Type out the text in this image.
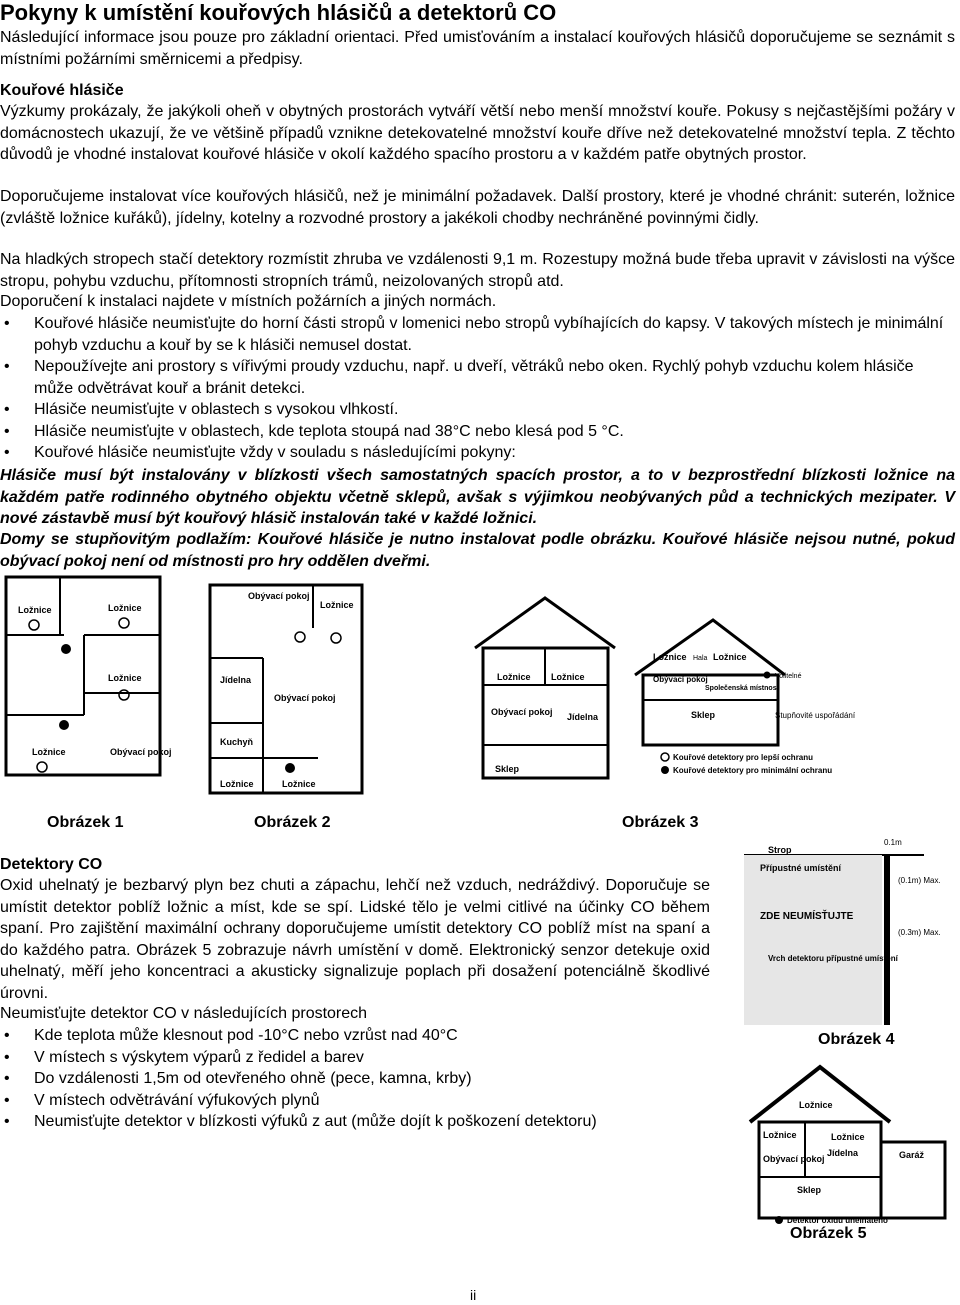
Pokyny k umístění kouřových hlásičů a detektorů CO

Následující informace jsou pouze pro základní orientaci. Před umisťováním a instalací kouřových hlásičů doporučujeme se seznámit s místními požárními směrnicemi a předpisy.

Kouřové hlásiče

Výzkumy prokázaly, že jakýkoli oheň v obytných prostorách vytváří větší nebo menší množství kouře. Pokusy s nejčastějšími požáry v domácnostech ukazují, že ve většině případů vznikne detekovatelné množství kouře dříve než detekovatelné množství tepla. Z těchto důvodů je vhodné instalovat kouřové hlásiče v okolí každého spacího prostoru a v každém patře obytných prostor.

Doporučujeme instalovat více kouřových hlásičů, než je minimální požadavek. Další prostory, které je vhodné chránit: suterén, ložnice (zvláště ložnice kuřáků), jídelny, kotelny a rozvodné prostory a jakékoli chodby nechráněné povinnými čidly.

Na hladkých stropech stačí detektory rozmístit zhruba ve vzdálenosti 9,1 m. Rozestupy možná bude třeba upravit v závislosti na výšce stropu, pohybu vzduchu, přítomnosti stropních trámů, neizolovaných stropů atd.

Doporučení k instalaci najdete v místních požárních a jiných normách.

• Kouřové hlásiče neumisťujte do horní části stropů v lomenici nebo stropů vybíhajících do kapsy. V takových místech je minimální pohyb vzduchu a kouř by se k hlásiči nemusel dostat.
• Nepoužívejte ani prostory s vířivými proudy vzduchu, např. u dveří, větráků nebo oken. Rychlý pohyb vzduchu kolem hlásiče může odvětrávat kouř a bránit detekci.
• Hlásiče neumisťujte v oblastech s vysokou vlhkostí.
• Hlásiče neumisťujte v oblastech, kde teplota stoupá nad 38°C nebo klesá pod 5 °C.
• Kouřové hlásiče neumisťujte vždy v souladu s následujícími pokyny:

Hlásiče musí být instalovány v blízkosti všech samostatných spacích prostor, a to v bezprostřední blízkosti ložnice na každém patře rodinného obytného objektu včetně sklepů, avšak s výjimkou neobývaných půd a technických mezipater. V nové zástavbě musí být kouřový hlásič instalován také v každé ložnici.

Domy se stupňovitým podlažím: Kouřové hlásiče je nutno instalovat podle obrázku. Kouřové hlásiče nejsou nutné, pokud obývací pokoj není od místnosti pro hry oddělen dveřmi.

Ložnice	Ložnice
Ložnice
Ložnice	Obývací pokoj
Obývací pokoj
Ložnice
Jídelna
Obývací pokoj
Kuchyň
Ložnice	Ložnice
Ložnice Ložnice
Hala Ložnice
Obývací pokoj
Ložnice
Obývací pokoj
Jídelna
Sklep
Sklep
Společenská místnost
Stupňovité uspořádání
Volitelné
Kouřové detektory pro lepší ochranu
Kouřové detektory pro minimální ochranu
Obrázek 1	Obrázek 2	Obrázek 3

Detektory CO

Oxid uhelnatý je bezbarvý plyn bez chuti a zápachu, lehčí než vzduch, nedráždivý. Doporučuje se umístit detektor poblíž ložnic a míst, kde se spí. Lidské tělo je velmi citlivé na účinky CO během spaní. Pro zajištění maximální ochrany doporučujeme umístit detektory CO poblíž míst na spaní a do každého patra. Obrázek 5 zobrazuje návrh umístění v domě. Elektronický senzor detekuje oxid uhelnatý, měří jeho koncentraci a akusticky signalizuje poplach při dosažení potenciálně škodlivé úrovni.

Neumisťujte detektor CO v následujících prostorech

• Kde teplota může klesnout pod -10°C nebo vzrůst nad 40°C
• V místech s výskytem výparů z ředidel a barev
• Do vzdálenosti 1,5m od otevřeného ohně (pece, kamna, krby)
• V místech odvětrávání výfukových plynů
• Neumisťujte detektor v blízkosti výfuků z aut (může dojít k poškození detektoru)
0.1m
Strop
Přípustné umístění
ZDE NEUMÍSŤUJTE
(0.1m) Max.
(0.3m) Max.
Vrch detektoru přípustné umístění
Obrázek 4
Ložnice
Ložnice	Ložnice
Obývací pokoj
Jídelna	Garáž
Sklep
Detektor oxidu uhelnatého
Obrázek 5
ii
